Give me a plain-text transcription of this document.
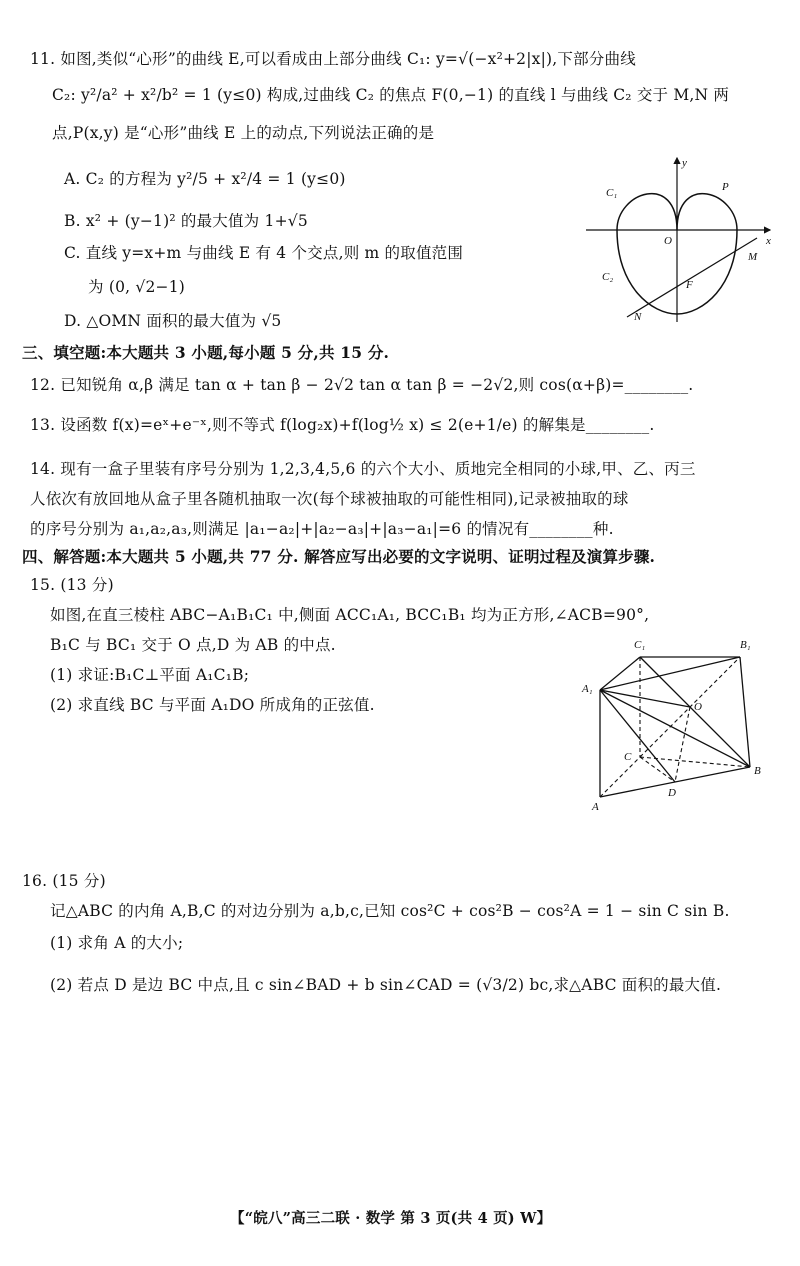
11. 如图,类似“心形”的曲线 E,可以看成由上部分曲线 C₁: y=√(−x²+2|x|),下部分曲线
C₂: y²/a² + x²/b² = 1 (y≤0) 构成,过曲线 C₂ 的焦点 F(0,−1) 的直线 l 与曲线 C₂ 交于 M,N 两
点,P(x,y) 是“心形”曲线 E 上的动点,下列说法正确的是
A. C₂ 的方程为 y²/5 + x²/4 = 1 (y≤0)
B. x² + (y−1)² 的最大值为 1+√5
C. 直线 y=x+m 与曲线 E 有 4 个交点,则 m 的取值范围
为 (0, √2−1)
D. △OMN 面积的最大值为 √5
y
x
O
C₁
C₂
P
M
F
N
三、填空题:本大题共 3 小题,每小题 5 分,共 15 分.
12. 已知锐角 α,β 满足 tan α + tan β − 2√2 tan α tan β = −2√2,则 cos(α+β)=________.
13. 设函数 f(x)=eˣ+e⁻ˣ,则不等式 f(log₂x)+f(log½ x) ≤ 2(e+1/e) 的解集是________.
14. 现有一盒子里装有序号分别为 1,2,3,4,5,6 的六个大小、质地完全相同的小球,甲、乙、丙三
人依次有放回地从盒子里各随机抽取一次(每个球被抽取的可能性相同),记录被抽取的球
的序号分别为 a₁,a₂,a₃,则满足 |a₁−a₂|+|a₂−a₃|+|a₃−a₁|=6 的情况有________种.
四、解答题:本大题共 5 小题,共 77 分. 解答应写出必要的文字说明、证明过程及演算步骤.
15. (13 分)
如图,在直三棱柱 ABC−A₁B₁C₁ 中,侧面 ACC₁A₁, BCC₁B₁ 均为正方形,∠ACB=90°,
B₁C 与 BC₁ 交于 O 点,D 为 AB 的中点.
(1) 求证:B₁C⊥平面 A₁C₁B;
(2) 求直线 BC 与平面 A₁DO 所成角的正弦值.
C₁	B₁
A₁
O
C
B
D
A
16. (15 分)
记△ABC 的内角 A,B,C 的对边分别为 a,b,c,已知 cos²C + cos²B − cos²A = 1 − sin C sin B.
(1) 求角 A 的大小;
(2) 若点 D 是边 BC 中点,且 c sin∠BAD + b sin∠CAD = (√3/2) bc,求△ABC 面积的最大值.
【“皖八”高三二联 · 数学 第 3 页(共 4 页) W】
